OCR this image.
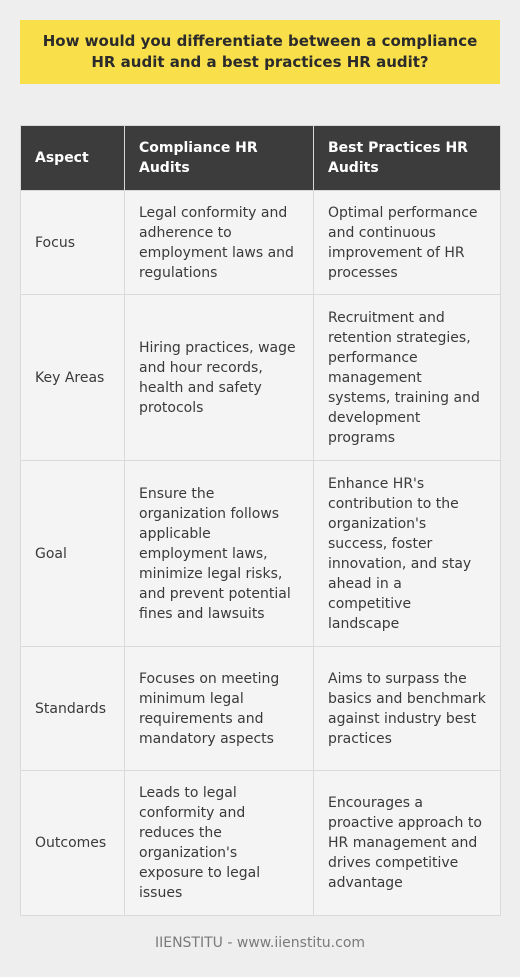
How would you differentiate between a compliance HR audit and a best practices HR audit?
Aspect	Compliance HR Audits	Best Practices HR Audits
Focus	Legal conformity and adherence to employment laws and regulations	Optimal performance and continuous improvement of HR processes
Key Areas	Hiring practices, wage and hour records, health and safety protocols	Recruitment and retention strategies, performance management systems, training and development programs
Goal	Ensure the organization follows applicable employment laws, minimize legal risks, and prevent potential fines and lawsuits	Enhance HR's contribution to the organization's success, foster innovation, and stay ahead in a competitive landscape
Standards	Focuses on meeting minimum legal requirements and mandatory aspects	Aims to surpass the basics and benchmark against industry best practices
Outcomes	Leads to legal conformity and reduces the organization's exposure to legal issues	Encourages a proactive approach to HR management and drives competitive advantage
IIENSTITU - www.iienstitu.com
